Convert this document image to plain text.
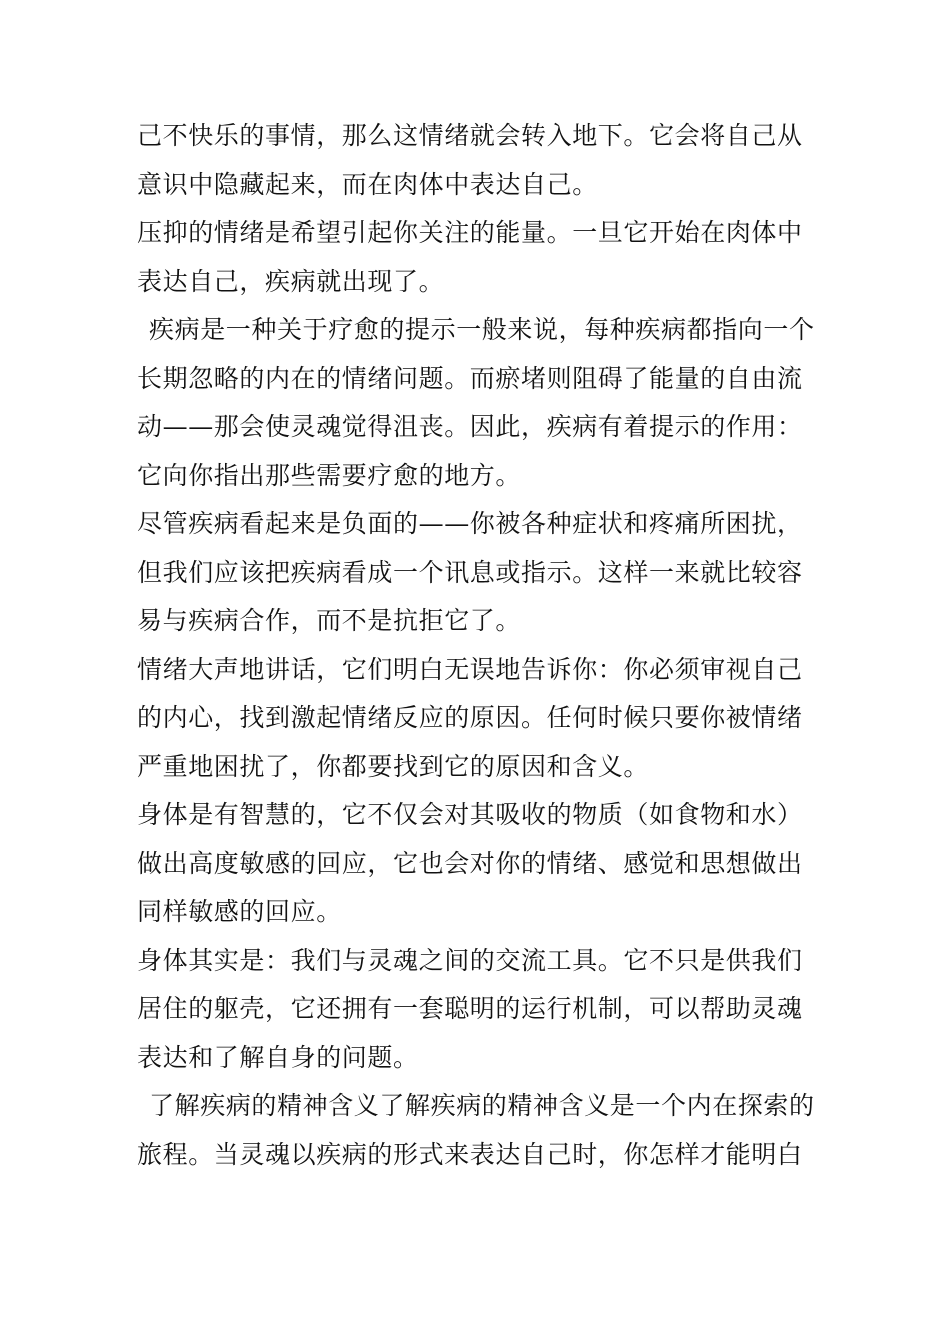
己不快乐的事情，那么这情绪就会转入地下。它会将自己从
意识中隐藏起来，而在肉体中表达自己。
压抑的情绪是希望引起你关注的能量。一旦它开始在肉体中
表达自己，疾病就出现了。
疾病是一种关于疗愈的提示一般来说，每种疾病都指向一个
长期忽略的内在的情绪问题。而瘀堵则阻碍了能量的自由流
动——那会使灵魂觉得沮丧。因此，疾病有着提示的作用：
它向你指出那些需要疗愈的地方。
尽管疾病看起来是负面的——你被各种症状和疼痛所困扰，
但我们应该把疾病看成一个讯息或指示。这样一来就比较容
易与疾病合作，而不是抗拒它了。
情绪大声地讲话，它们明白无误地告诉你：你必须审视自己
的内心，找到激起情绪反应的原因。任何时候只要你被情绪
严重地困扰了，你都要找到它的原因和含义。
身体是有智慧的，它不仅会对其吸收的物质（如食物和水）
做出高度敏感的回应，它也会对你的情绪、感觉和思想做出
同样敏感的回应。
身体其实是：我们与灵魂之间的交流工具。它不只是供我们
居住的躯壳，它还拥有一套聪明的运行机制，可以帮助灵魂
表达和了解自身的问题。
了解疾病的精神含义了解疾病的精神含义是一个内在探索的
旅程。当灵魂以疾病的形式来表达自己时，你怎样才能明白
